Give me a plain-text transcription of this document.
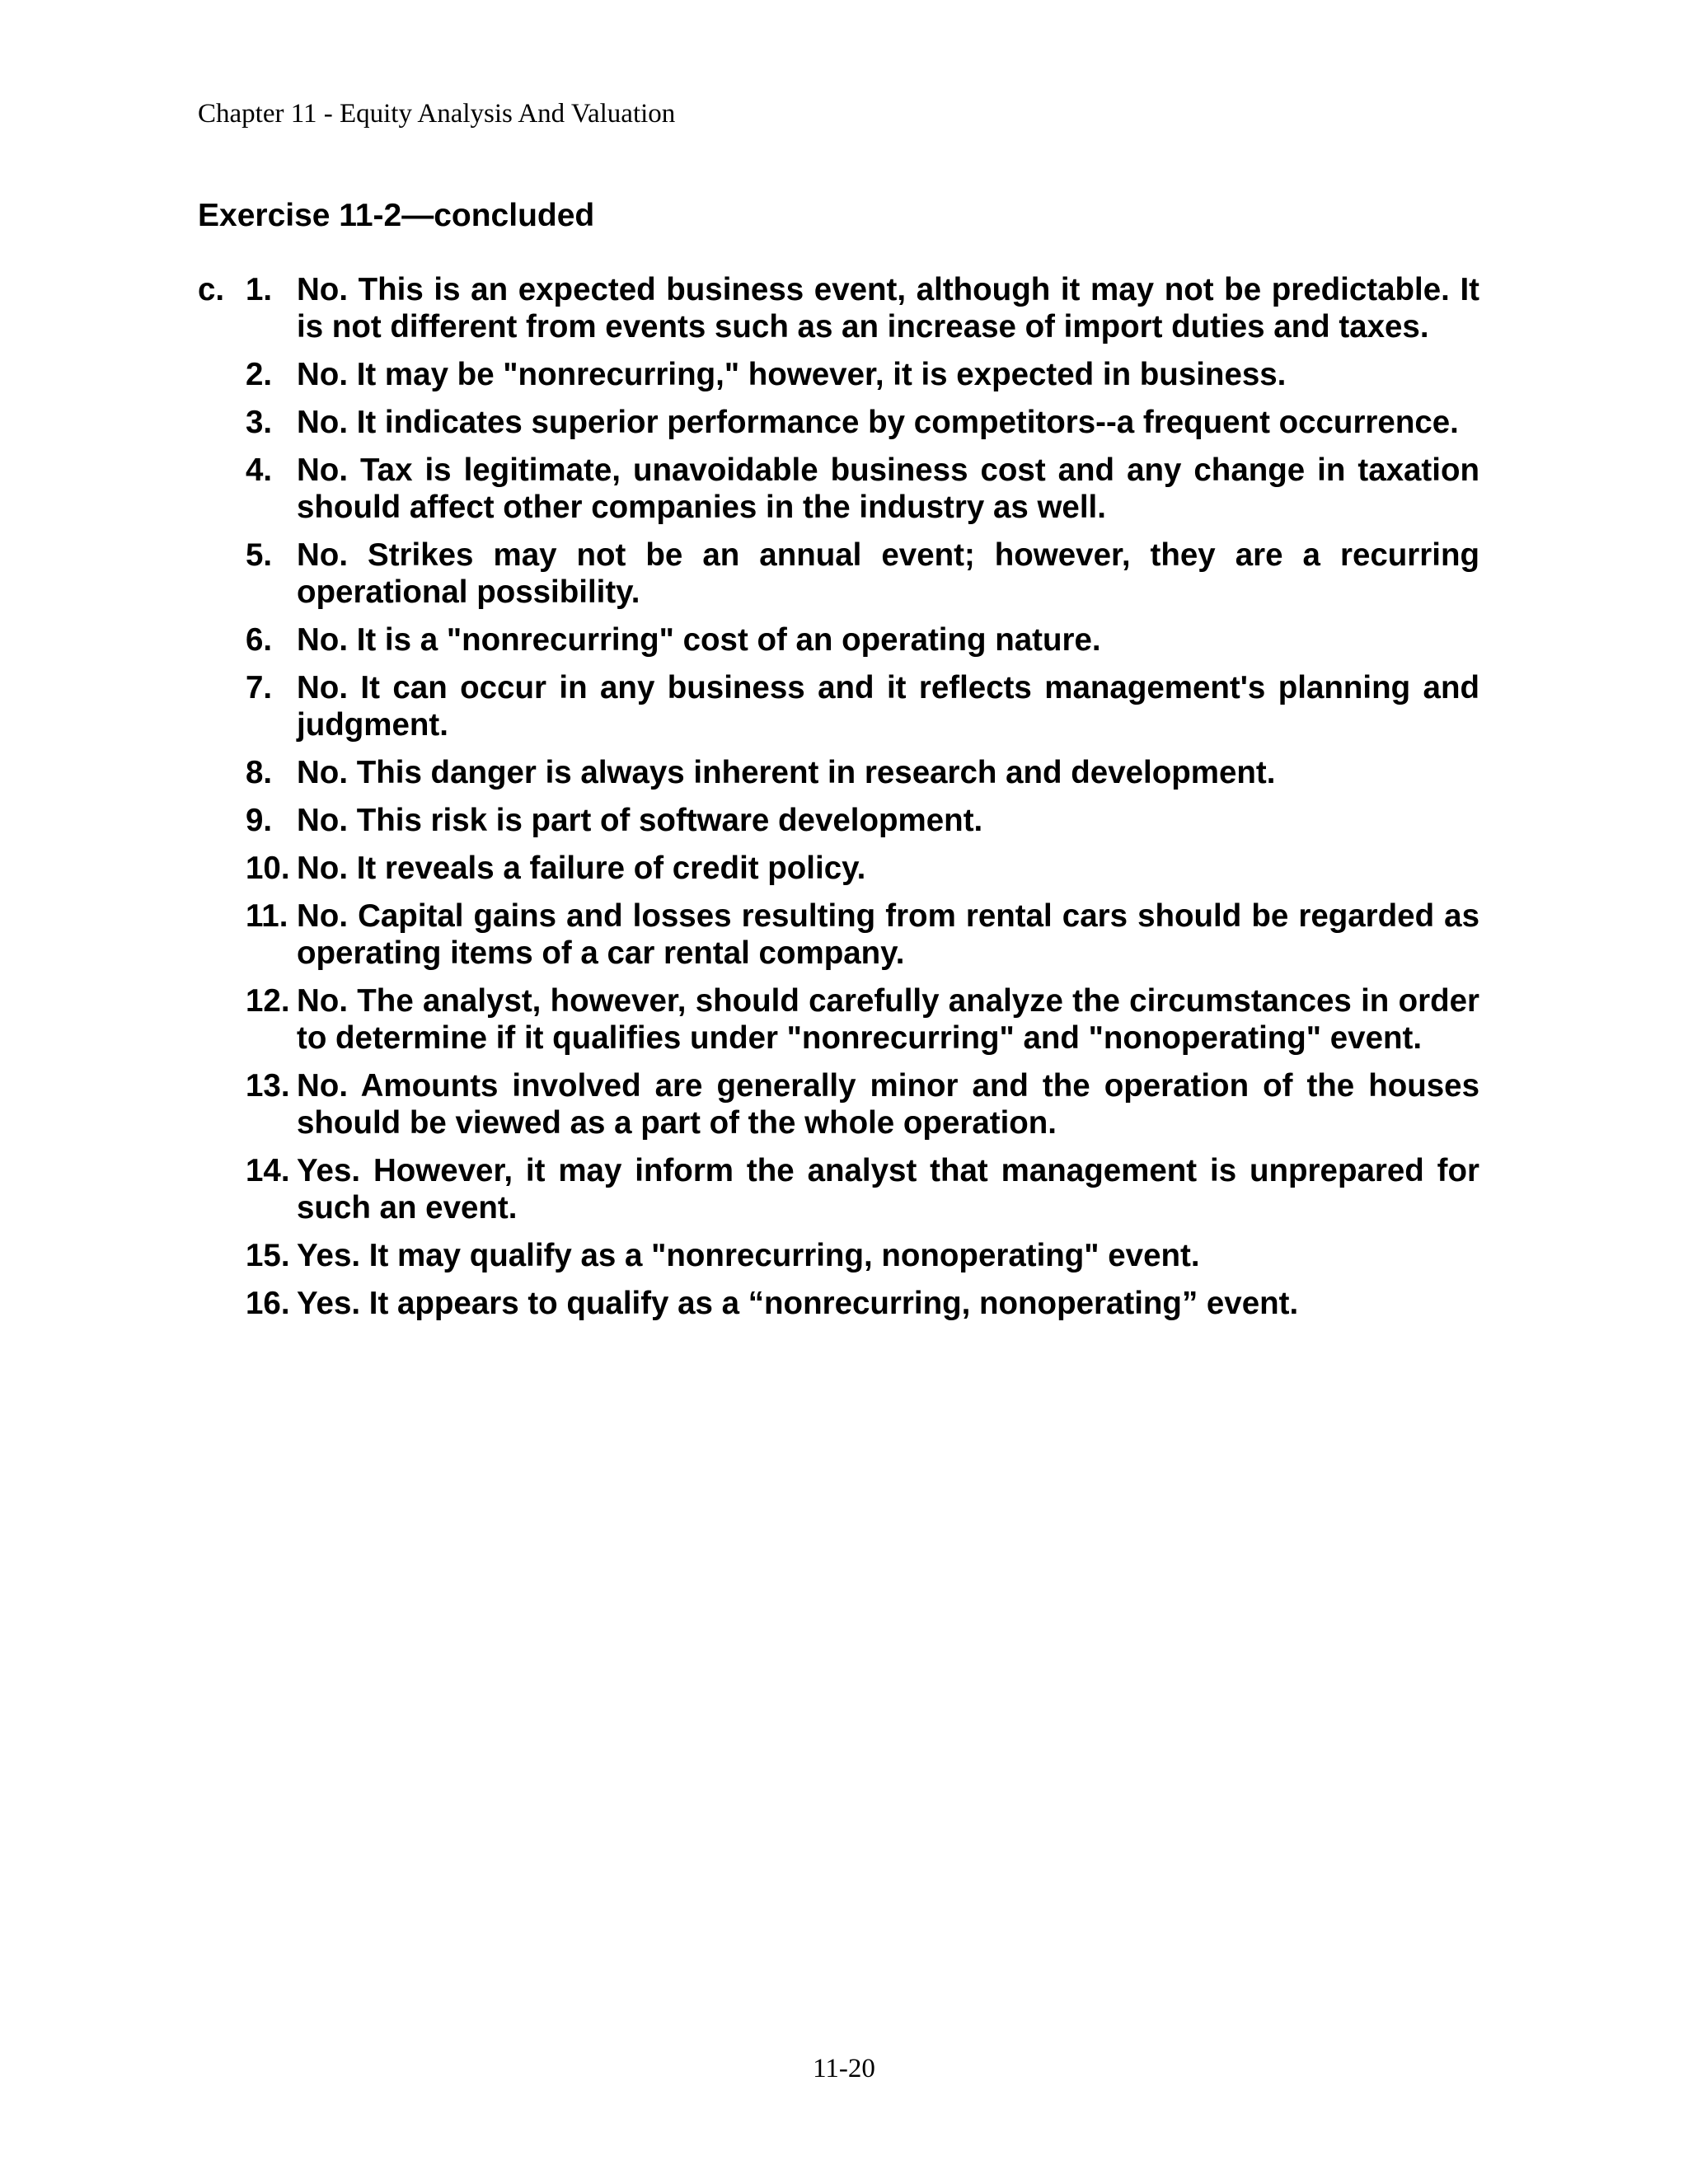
Chapter 11 - Equity Analysis And Valuation
Exercise 11-2—concluded
c. 1. No. This is an expected business event, although it may not be predictable. It is not different from events such as an increase of import duties and taxes.
2. No. It may be "nonrecurring," however, it is expected in business.
3. No. It indicates superior performance by competitors--a frequent occurrence.
4. No. Tax is legitimate, unavoidable business cost and any change in taxation should affect other companies in the industry as well.
5. No. Strikes may not be an annual event; however, they are a recurring operational possibility.
6. No. It is a "nonrecurring" cost of an operating nature.
7. No. It can occur in any business and it reflects management's planning and judgment.
8. No. This danger is always inherent in research and development.
9. No. This risk is part of software development.
10. No. It reveals a failure of credit policy.
11. No. Capital gains and losses resulting from rental cars should be regarded as operating items of a car rental company.
12. No. The analyst, however, should carefully analyze the circumstances in order to determine if it qualifies under "nonrecurring" and "nonoperating" event.
13. No. Amounts involved are generally minor and the operation of the houses should be viewed as a part of the whole operation.
14. Yes. However, it may inform the analyst that management is unprepared for such an event.
15. Yes. It may qualify as a "nonrecurring, nonoperating" event.
16. Yes. It appears to qualify as a “nonrecurring, nonoperating” event.
11-20
